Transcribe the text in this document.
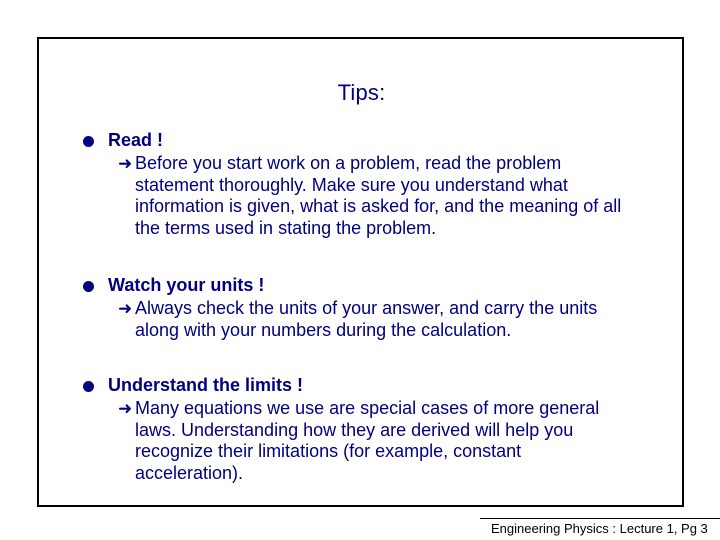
Tips:
Read !
➜ Before you start work on a problem, read the problem statement thoroughly. Make sure you understand what information is given, what is asked for, and the meaning of all the terms used in stating the problem.
Watch your units !
➜ Always check the units of your answer, and carry the units along with your numbers during the calculation.
Understand the limits !
➜ Many equations we use are special cases of more general laws. Understanding how they are derived will help you recognize their limitations (for example, constant acceleration).
Engineering Physics : Lecture 1, Pg 3
